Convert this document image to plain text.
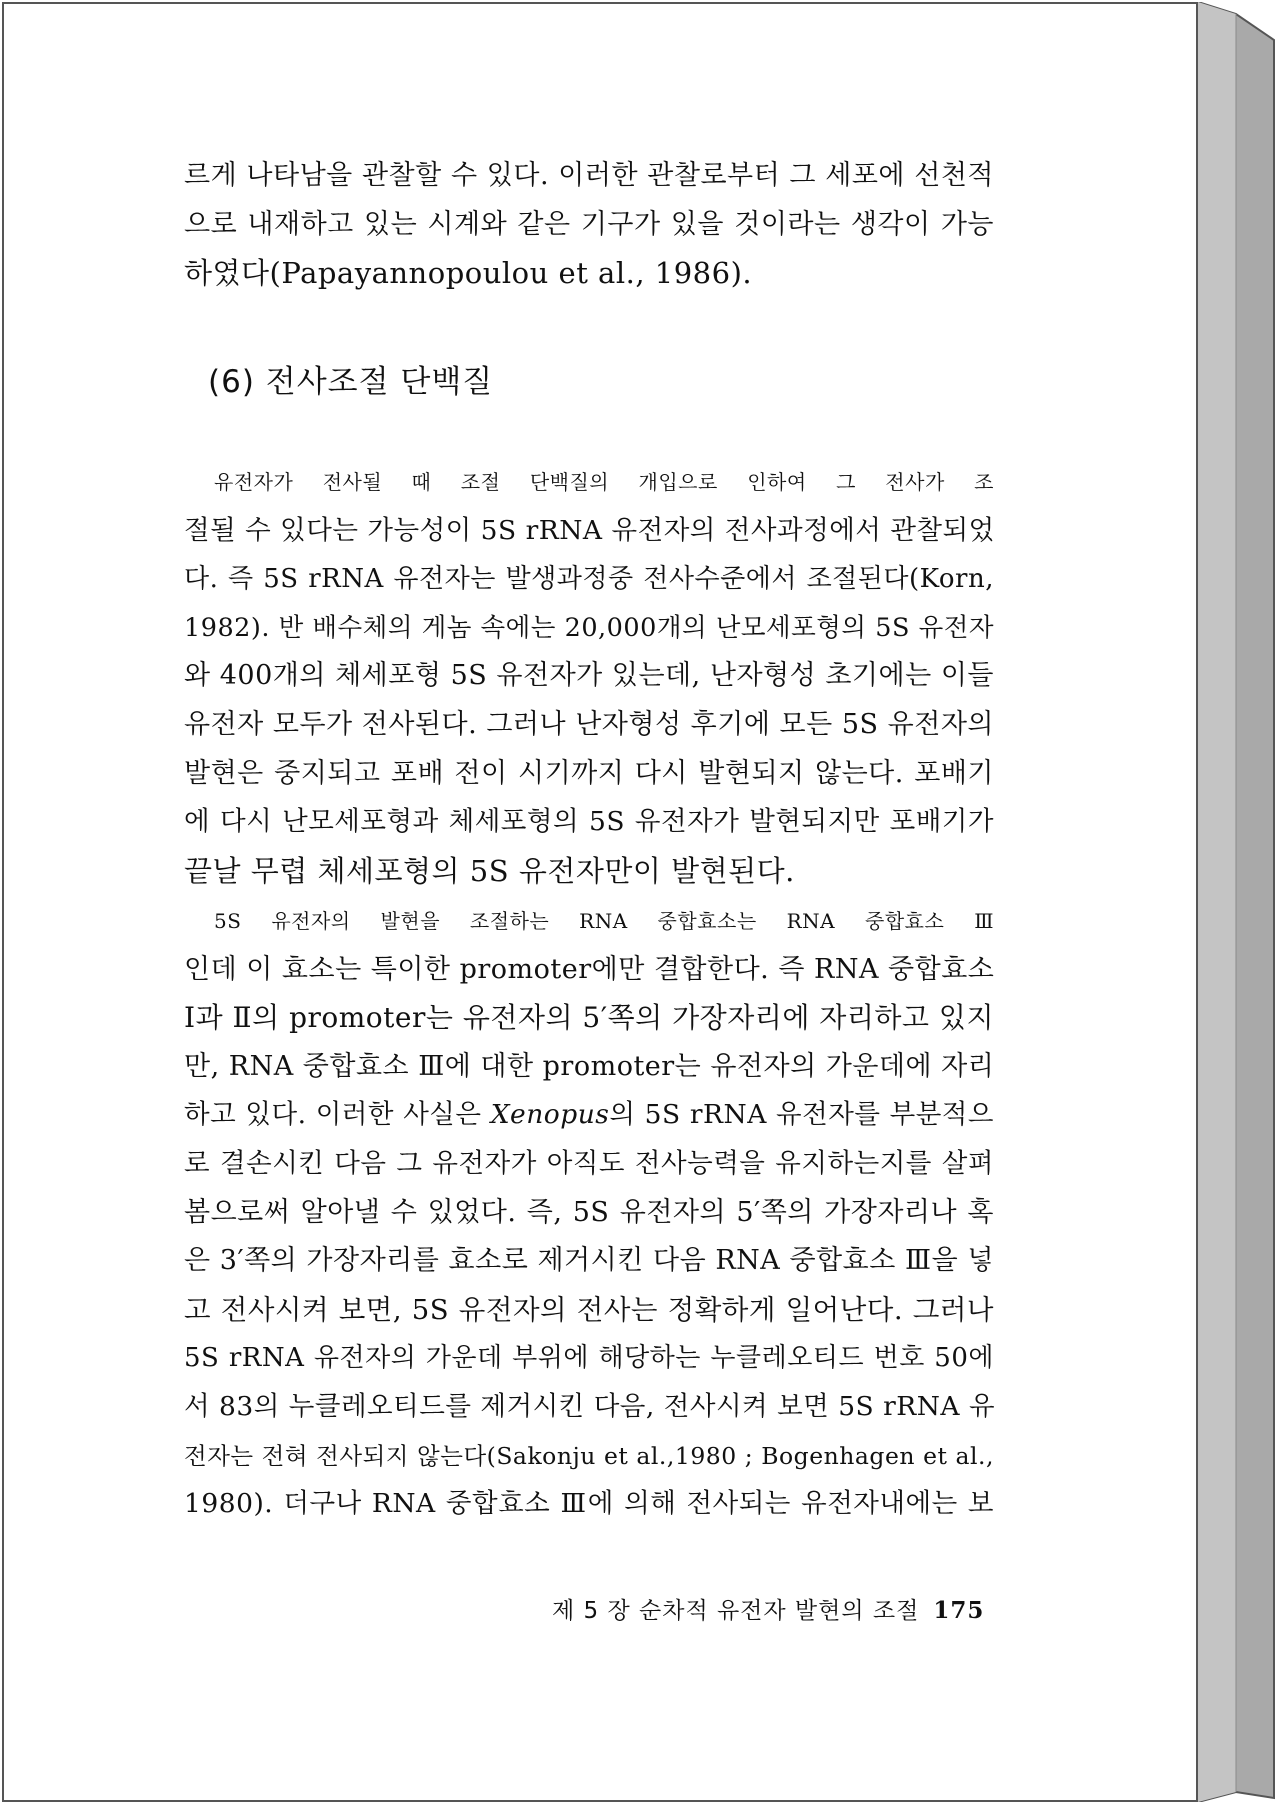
르게 나타남을 관찰할 수 있다. 이러한 관찰로부터 그 세포에 선천적
으로 내재하고 있는 시계와 같은 기구가 있을 것이라는 생각이 가능
하였다(Papayannopoulou et al., 1986).
유전자가 전사될 때 조절 단백질의 개입으로 인하여 그 전사가 조
절될 수 있다는 가능성이 5S rRNA 유전자의 전사과정에서 관찰되었
다. 즉 5S rRNA 유전자는 발생과정중 전사수준에서 조절된다(Korn,
1982). 반 배수체의 게놈 속에는 20,000개의 난모세포형의 5S 유전자
와 400개의 체세포형 5S 유전자가 있는데, 난자형성 초기에는 이들
유전자 모두가 전사된다. 그러나 난자형성 후기에 모든 5S 유전자의
발현은 중지되고 포배 전이 시기까지 다시 발현되지 않는다. 포배기
에 다시 난모세포형과 체세포형의 5S 유전자가 발현되지만 포배기가
끝날 무렵 체세포형의 5S 유전자만이 발현된다.
5S 유전자의 발현을 조절하는 RNA 중합효소는 RNA 중합효소 Ⅲ
인데 이 효소는 특이한 promoter에만 결합한다. 즉 RNA 중합효소
Ⅰ과 Ⅱ의 promoter는 유전자의 5′쪽의 가장자리에 자리하고 있지
만, RNA 중합효소 Ⅲ에 대한 promoter는 유전자의 가운데에 자리
하고 있다. 이러한 사실은 Xenopus의 5S rRNA 유전자를 부분적으
로 결손시킨 다음 그 유전자가 아직도 전사능력을 유지하는지를 살펴
봄으로써 알아낼 수 있었다. 즉, 5S 유전자의 5′쪽의 가장자리나 혹
은 3′쪽의 가장자리를 효소로 제거시킨 다음 RNA 중합효소 Ⅲ을 넣
고 전사시켜 보면, 5S 유전자의 전사는 정확하게 일어난다. 그러나
5S rRNA 유전자의 가운데 부위에 해당하는 누클레오티드 번호 50에
서 83의 누클레오티드를 제거시킨 다음, 전사시켜 보면 5S rRNA 유
전자는 전혀 전사되지 않는다(Sakonju et al.,1980 ; Bogenhagen et al.,
1980). 더구나 RNA 중합효소 Ⅲ에 의해 전사되는 유전자내에는 보
(6) 전사조절 단백질
제 5 장 순차적 유전자 발현의 조절 175
